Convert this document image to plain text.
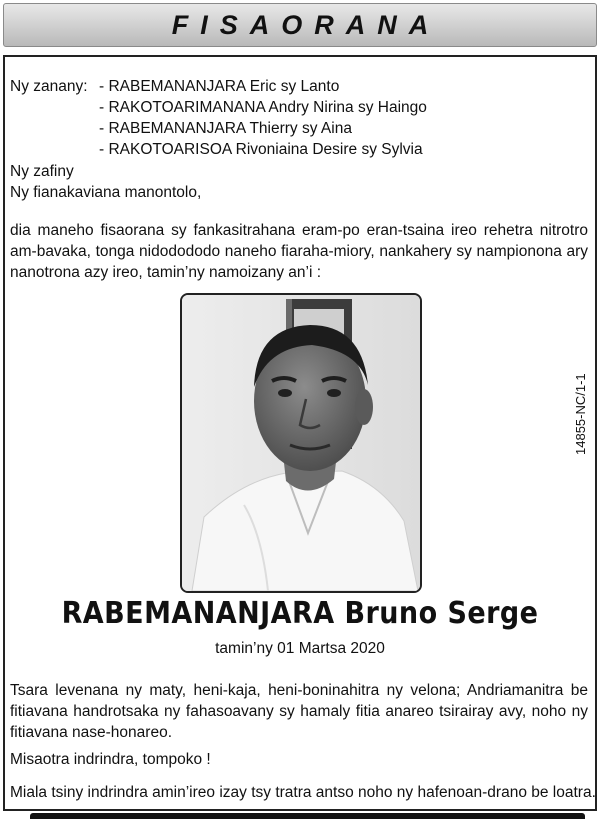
FISAORANA
Ny zanany: - RABEMANANJARA Eric sy Lanto
- RAKOTOARIMANANA Andry Nirina sy Haingo
- RABEMANANJARA Thierry sy Aina
- RAKOTOARISOA Rivoniaina Desire sy Sylvia
Ny zafiny
Ny fianakaviana manontolo,
dia maneho fisaorana sy fankasitrahana eram-po eran-tsaina ireo rehetra nitrotro am-bavaka, tonga nidodododo naneho fiaraha-miory, nankahery sy nampionona ary nanotrona azy ireo, tamin’ny namoizany an’i :
14855-NC/1-1
RABEMANANJARA Bruno Serge
tamin’ny 01 Martsa 2020
Tsara levenana ny maty, heni-kaja, heni-boninahitra ny velona; Andriamanitra be fitiavana handrotsaka ny fahasoavany sy hamaly fitia anareo tsirairay avy, noho ny fitiavana nase-honareo.
Misaotra indrindra, tompoko !
Miala tsiny indrindra amin’ireo izay tsy tratra antso noho ny hafenoan-drano be loatra.
